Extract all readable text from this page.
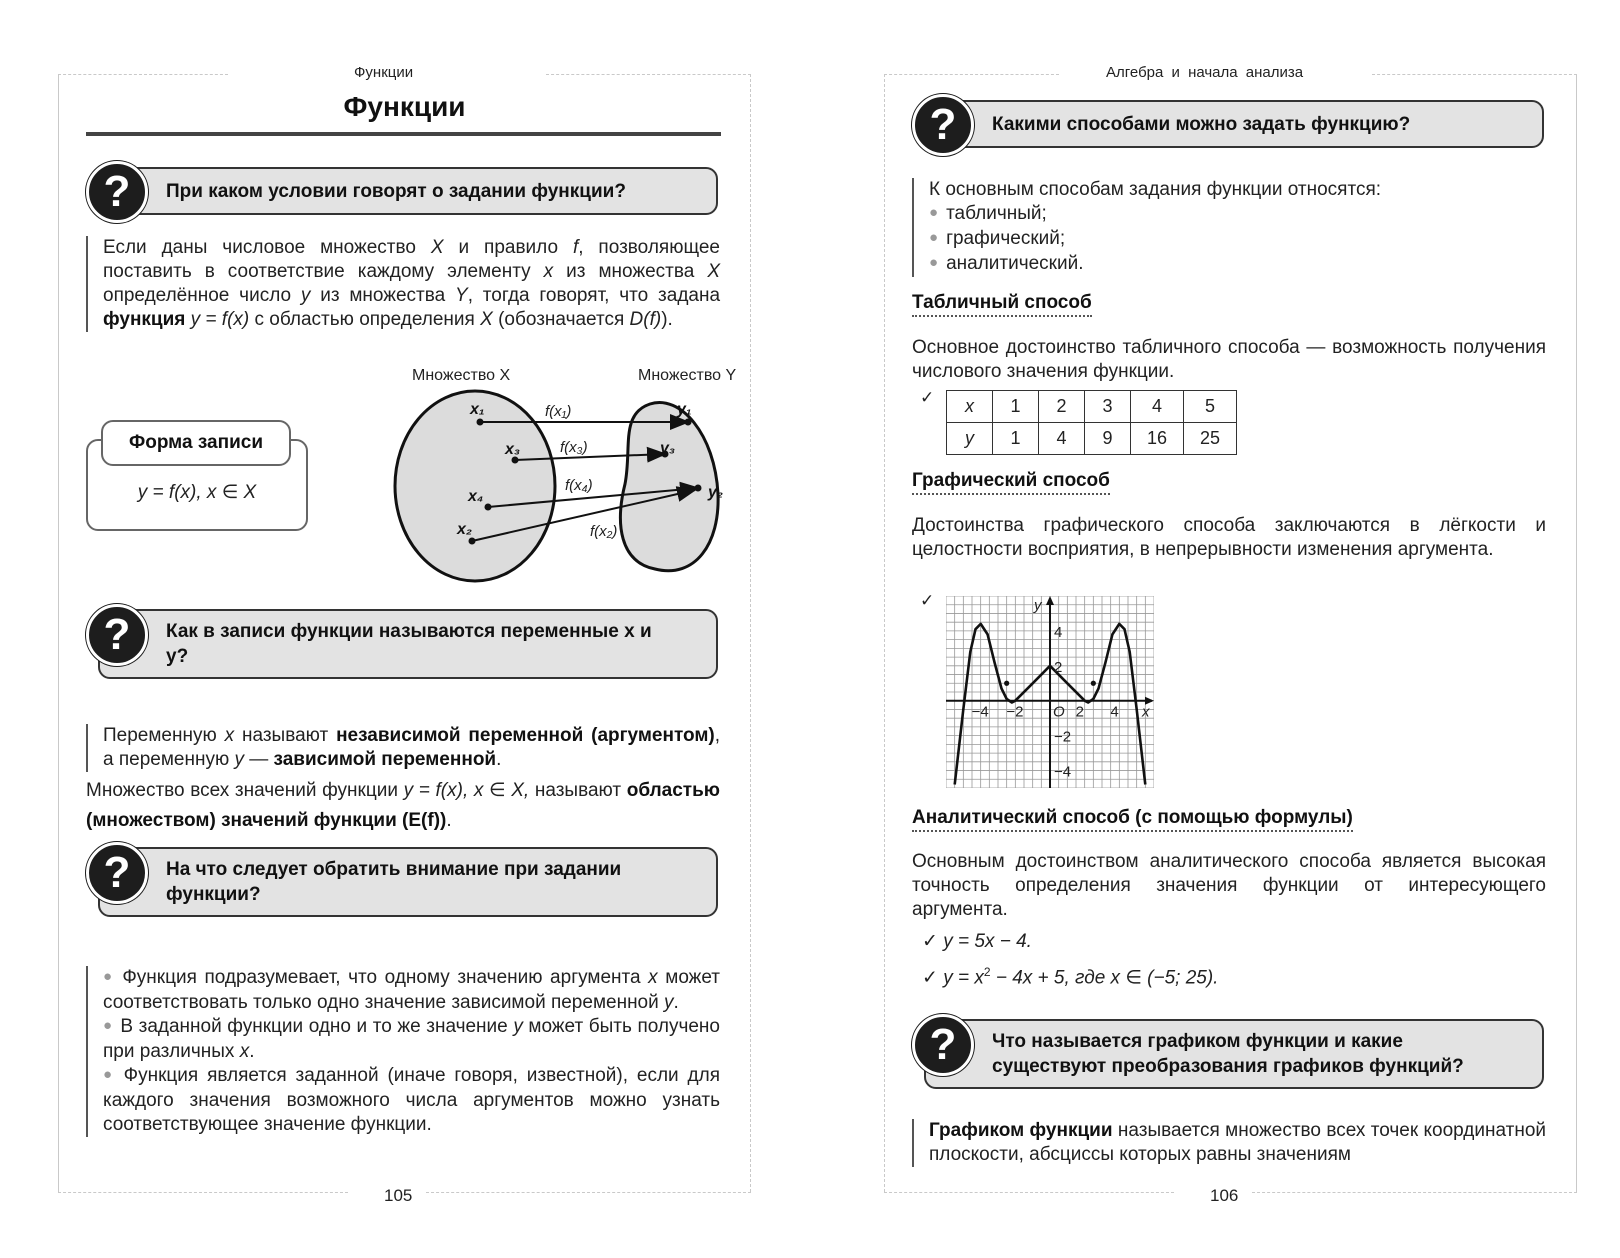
Функции
Функции
При каком условии говорят о задании функции?
?
Если даны числовое множество X и правило f, позволяющее поставить в соответствие каждому элементу x из множества X определённое число y из множества Y, тогда говорят, что задана функция y = f(x) с областью определения X (обозначается D(f)).
y = f(x), x ∈ X
Форма записи
Множество X	Множество Y
x₁
x₃
x₄
x₂
y₁
y₃
y₂
f(x₁)
f(x₃)
f(x₄)
f(x₂)
Как в записи функции называются переменные x и y?
?
Переменную x называют независимой переменной (аргументом), а переменную y — зависимой переменной.
Множество всех значений функции y = f(x), x ∈ X, называют областью (множеством) значений функции (E(f)).
На что следует обратить внимание при задании функции?
?
● Функция подразумевает, что одному значению аргумента x может соответствовать только одно значение зависимой переменной y.
● В заданной функции одно и то же значение y может быть получено при различных x.
● Функция является заданной (иначе говоря, известной), если для каждого значения возможного числа аргументов можно узнать соответствующее значение функции.
105
Алгебра и начала анализа
Какими способами можно задать функцию?
?
К основным способам задания функции относятся:
● табличный;
● графический;
● аналитический.
Табличный способ
Основное достоинство табличного способа — возможность получения числового значения функции.
✓ x	1	2	3	4	5
y	1	4	9	16	25
Графический способ
Достоинства графического способа заключаются в лёгкости и целостности восприятия, в непрерывности изменения аргумента.
✓
−4 −2	2 4
4
2
−2
−4
O	x
y
Аналитический способ (с помощью формулы)
Основным достоинством аналитического способа является высокая точность определения значения функции от интересующего аргумента.
✓ y = 5x − 4.
✓ $y = x^2 - 4x + 5$, где x ∈ (−5; 25).
Что называется графиком функции и какие существуют преобразования графиков функций?
?
Графиком функции называется множество всех точек координатной плоскости, абсциссы которых равны значениям
106
